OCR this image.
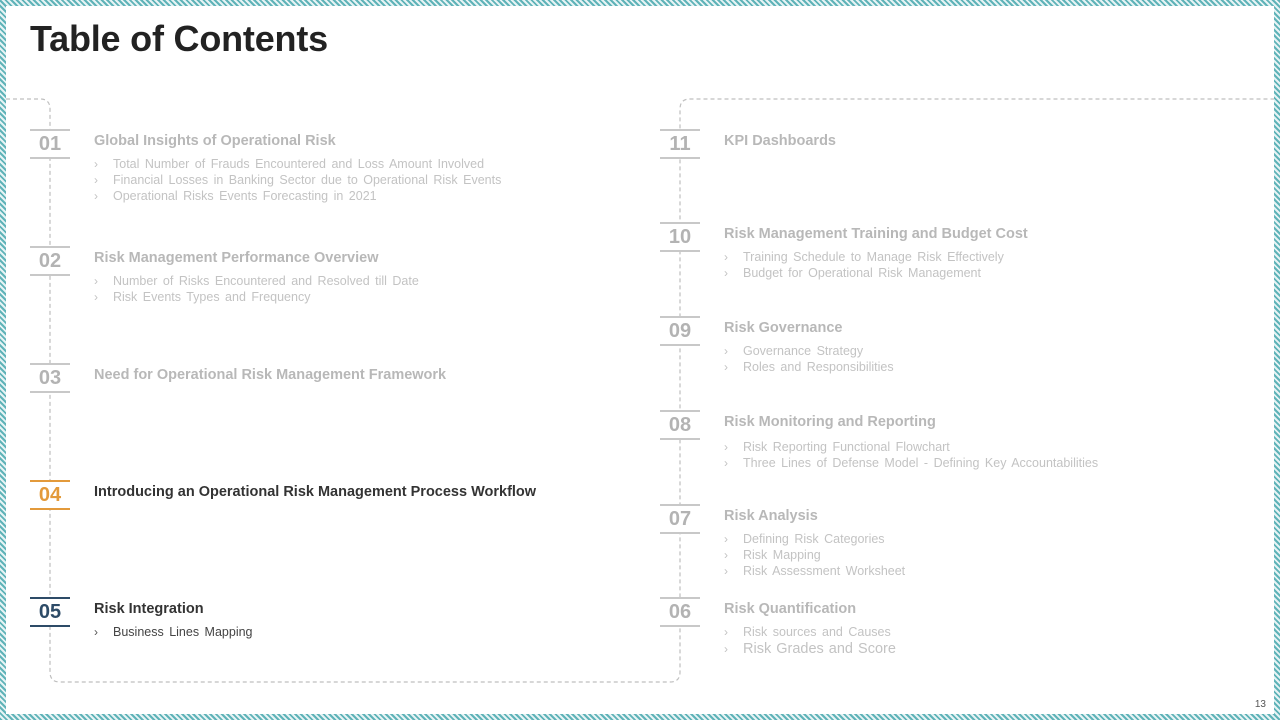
Table of Contents
01	Global Insights of Operational Risk
› Total Number of Frauds Encountered and Loss Amount Involved
› Financial Losses in Banking Sector due to Operational Risk Events
› Operational Risks Events Forecasting in 2021
02	Risk Management Performance Overview
› Number of Risks Encountered and Resolved till Date
› Risk Events Types and Frequency
03	Need for Operational Risk Management Framework
04	Introducing an Operational Risk Management Process Workflow
05	Risk Integration
› Business Lines Mapping
11	KPI Dashboards
10	Risk Management Training and Budget Cost
› Training Schedule to Manage Risk Effectively
› Budget for Operational Risk Management
09	Risk Governance
› Governance Strategy
› Roles and Responsibilities
08	Risk Monitoring and Reporting
› Risk Reporting Functional Flowchart
› Three Lines of Defense Model - Defining Key Accountabilities
07	Risk Analysis
› Defining Risk Categories
› Risk Mapping
› Risk Assessment Worksheet
06	Risk Quantification
› Risk sources and Causes
› Risk Grades and Score
13
